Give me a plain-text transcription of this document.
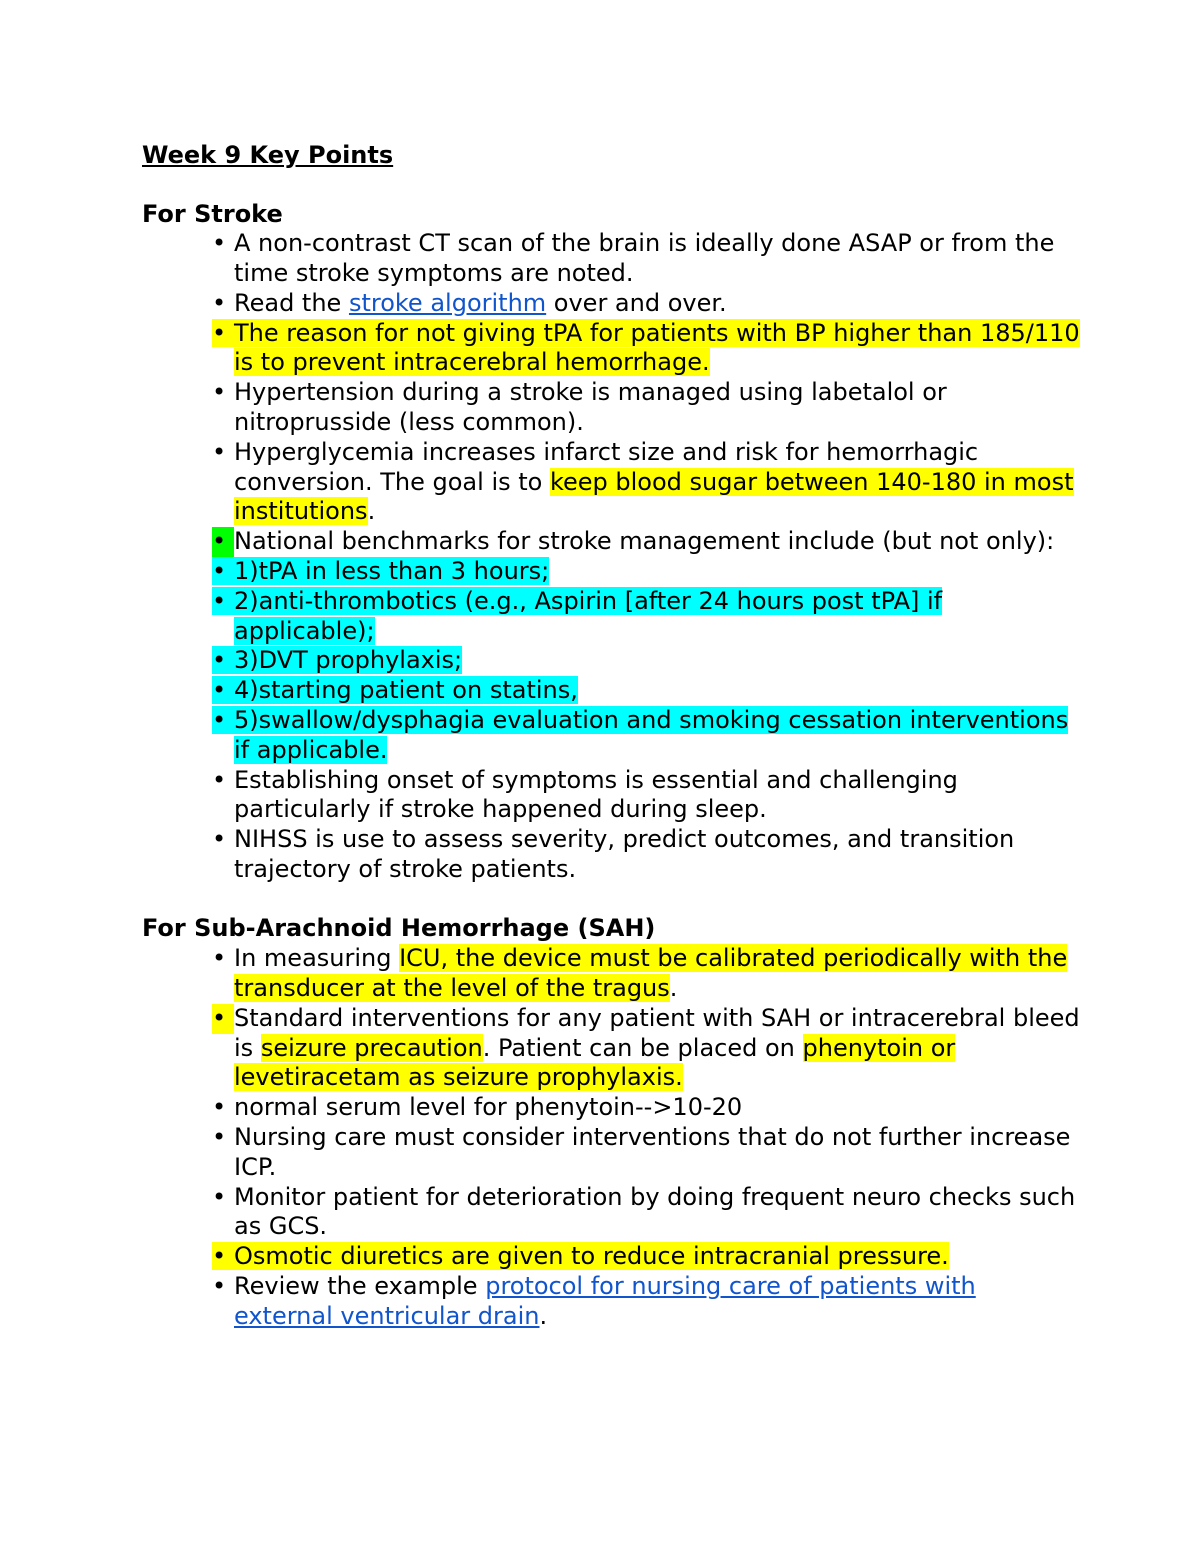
Week 9 Key Points
For Stroke
• A non-contrast CT scan of the brain is ideally done ASAP or from the time stroke symptoms are noted.
• Read the stroke algorithm over and over.
• The reason for not giving tPA for patients with BP higher than 185/110 is to prevent intracerebral hemorrhage.
• Hypertension during a stroke is managed using labetalol or nitroprusside (less common).
• Hyperglycemia increases infarct size and risk for hemorrhagic conversion. The goal is to keep blood sugar between 140-180 in most institutions.
• National benchmarks for stroke management include (but not only):
• 1)tPA in less than 3 hours;
• 2)anti-thrombotics (e.g., Aspirin [after 24 hours post tPA] if applicable);
• 3)DVT prophylaxis;
• 4)starting patient on statins,
• 5)swallow/dysphagia evaluation and smoking cessation interventions if applicable.
• Establishing onset of symptoms is essential and challenging particularly if stroke happened during sleep.
• NIHSS is use to assess severity, predict outcomes, and transition trajectory of stroke patients.
For Sub-Arachnoid Hemorrhage (SAH)
• In measuring ICU, the device must be calibrated periodically with the transducer at the level of the tragus.
• Standard interventions for any patient with SAH or intracerebral bleed is seizure precaution. Patient can be placed on phenytoin or levetiracetam as seizure prophylaxis.
• normal serum level for phenytoin-->10-20
• Nursing care must consider interventions that do not further increase ICP.
• Monitor patient for deterioration by doing frequent neuro checks such as GCS.
• Osmotic diuretics are given to reduce intracranial pressure.
• Review the example protocol for nursing care of patients with external ventricular drain.
